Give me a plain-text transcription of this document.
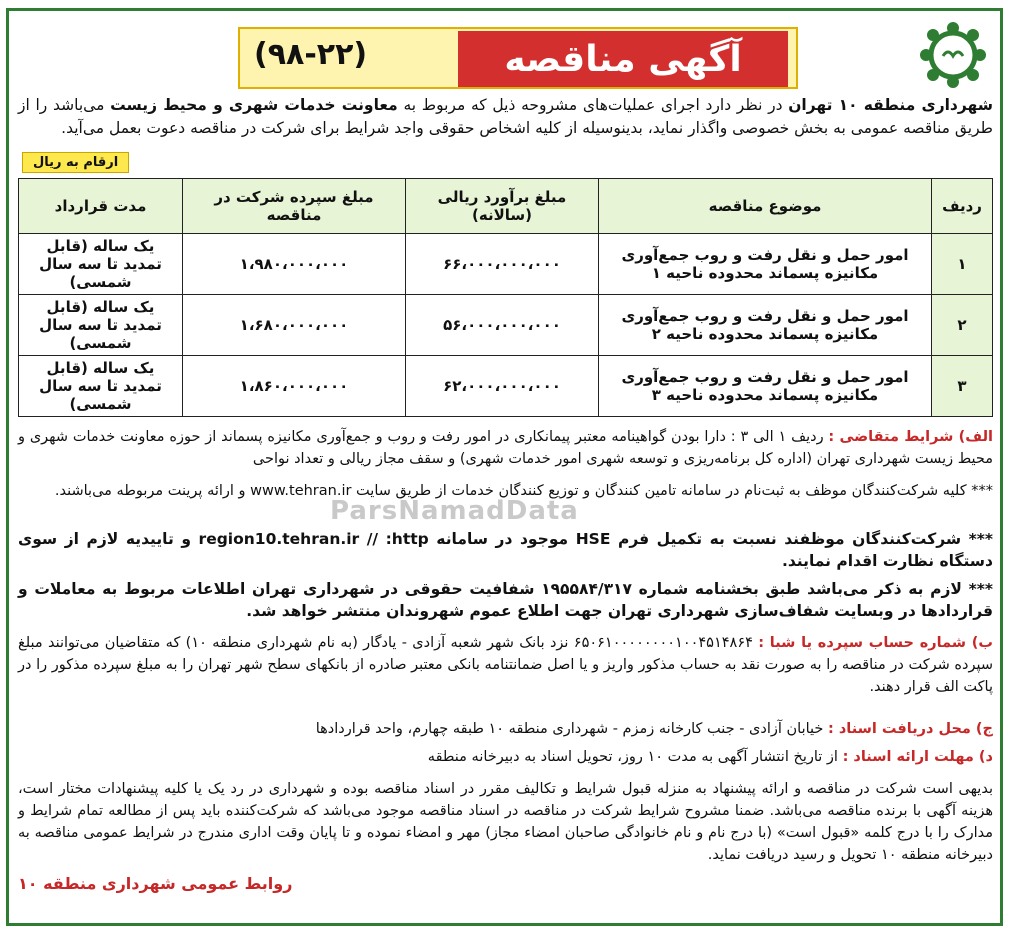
آگهی مناقصه
(۹۸-۲۲)
شهرداری منطقه ۱۰ تهران در نظر دارد اجرای عملیات‌های مشروحه ذیل که مربوط به معاونت خدمات شهری و محیط زیست می‌باشد را از طریق مناقصه عمومی به بخش خصوصی واگذار نماید، بدینوسیله از کلیه اشخاص حقوقی واجد شرایط برای شرکت در مناقصه دعوت بعمل می‌آید.
ارقام به ریال
ردیف	موضوع مناقصه	مبلغ برآورد ریالی (سالانه)	مبلغ سپرده شرکت در مناقصه	مدت قرارداد
۱	امور حمل و نقل رفت و روب جمع‌آوری مکانیزه پسماند محدوده ناحیه ۱	۶۶،۰۰۰،۰۰۰،۰۰۰	۱،۹۸۰،۰۰۰،۰۰۰	یک ساله (قابل تمدید تا سه سال شمسی)
۲	امور حمل و نقل رفت و روب جمع‌آوری مکانیزه پسماند محدوده ناحیه ۲	۵۶،۰۰۰،۰۰۰،۰۰۰	۱،۶۸۰،۰۰۰،۰۰۰	یک ساله (قابل تمدید تا سه سال شمسی)
۳	امور حمل و نقل رفت و روب جمع‌آوری مکانیزه پسماند محدوده ناحیه ۳	۶۲،۰۰۰،۰۰۰،۰۰۰	۱،۸۶۰،۰۰۰،۰۰۰	یک ساله (قابل تمدید تا سه سال شمسی)
ParsNamadData
الف) شرایط متقاضی : ردیف ۱ الی ۳ : دارا بودن گواهینامه معتبر پیمانکاری در امور رفت و روب و جمع‌آوری مکانیزه پسماند از حوزه معاونت خدمات شهری و محیط زیست شهرداری تهران (اداره کل برنامه‌ریزی و توسعه شهری امور خدمات شهری) و سقف مجاز ریالی و تعداد نواحی
*** کلیه شرکت‌کنندگان موظف به ثبت‌نام در سامانه تامین کنندگان و توزیع کنندگان خدمات از طریق سایت www.tehran.ir و ارائه پرینت مربوطه می‌باشند.
*** شرکت‌کنندگان موظفند نسبت به تکمیل فرم HSE موجود در سامانه region10.tehran.ir // :http و تاییدیه لازم از سوی دستگاه نظارت اقدام نمایند.
*** لازم به ذکر می‌باشد طبق بخشنامه شماره ۱۹۵۵۸۴/۳۱۷ شفافیت حقوقی در شهرداری تهران اطلاعات مربوط به معاملات و قراردادها در وبسایت شفاف‌سازی شهرداری تهران جهت اطلاع عموم شهروندان منتشر خواهد شد.
ب) شماره حساب سپرده یا شبا : ۶۵۰۶۱۰۰۰۰۰۰۰۰۱۰۰۴۵۱۴۸۶۴ نزد بانک شهر شعبه آزادی - یادگار (به نام شهرداری منطقه ۱۰) که متقاضیان می‌توانند مبلغ سپرده شرکت در مناقصه را به صورت نقد به حساب مذکور واریز و یا اصل ضمانتنامه بانکی معتبر صادره از بانکهای سطح شهر تهران را به مبلغ سپرده مذکور را در پاکت الف قرار دهند.
ج) محل دریافت اسناد : خیابان آزادی - جنب کارخانه زمزم - شهرداری منطقه ۱۰ طبقه چهارم، واحد قراردادها
د) مهلت ارائه اسناد : از تاریخ انتشار آگهی به مدت ۱۰ روز، تحویل اسناد به دبیرخانه منطقه
بدیهی است شرکت در مناقصه و ارائه پیشنهاد به منزله قبول شرایط و تکالیف مقرر در اسناد مناقصه بوده و شهرداری در رد یک یا کلیه پیشنهادات مختار است، هزینه آگهی با برنده مناقصه می‌باشد. ضمنا مشروح شرایط شرکت در مناقصه در اسناد مناقصه موجود می‌باشد که شرکت‌کننده باید پس از مطالعه تمام شرایط و مدارک را با درج کلمه «قبول است» (با درج نام و نام خانوادگی صاحبان امضاء مجاز) مهر و امضاء نموده و تا پایان وقت اداری مندرج در شرایط عمومی مناقصه به دبیرخانه منطقه ۱۰ تحویل و رسید دریافت نماید.
روابط عمومی شهرداری منطقه ۱۰
